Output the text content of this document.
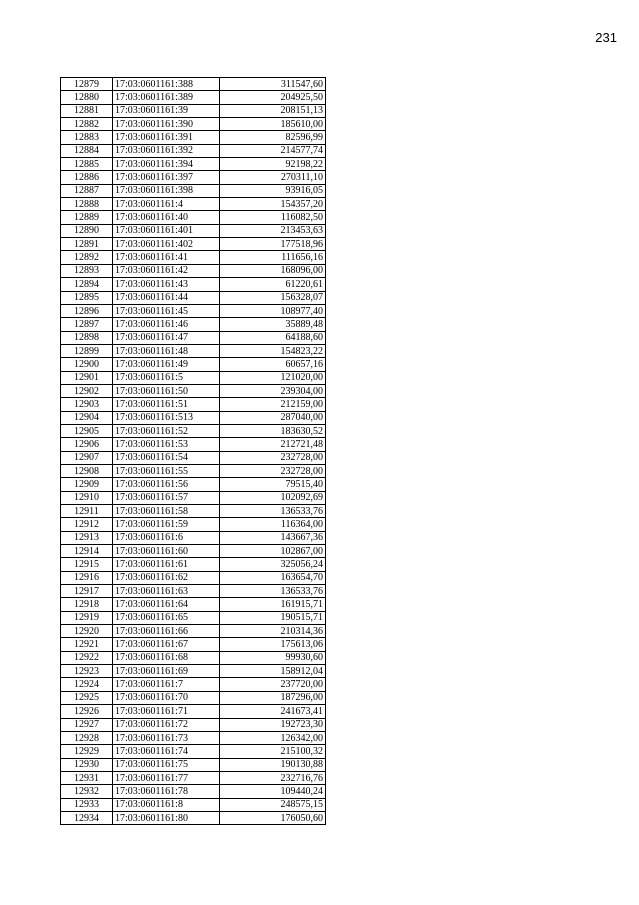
231
12879	17:03:0601161:388	311547,60
12880	17:03:0601161:389	204925,50
12881	17:03:0601161:39	208151,13
12882	17:03:0601161:390	185610,00
12883	17:03:0601161:391	82596,99
12884	17:03:0601161:392	214577,74
12885	17:03:0601161:394	92198,22
12886	17:03:0601161:397	270311,10
12887	17:03:0601161:398	93916,05
12888	17:03:0601161:4	154357,20
12889	17:03:0601161:40	116082,50
12890	17:03:0601161:401	213453,63
12891	17:03:0601161:402	177518,96
12892	17:03:0601161:41	111656,16
12893	17:03:0601161:42	168096,00
12894	17:03:0601161:43	61220,61
12895	17:03:0601161:44	156328,07
12896	17:03:0601161:45	108977,40
12897	17:03:0601161:46	35889,48
12898	17:03:0601161:47	64188,60
12899	17:03:0601161:48	154823,22
12900	17:03:0601161:49	60657,16
12901	17:03:0601161:5	121020,00
12902	17:03:0601161:50	239304,00
12903	17:03:0601161:51	212159,00
12904	17:03:0601161:513	287040,00
12905	17:03:0601161:52	183630,52
12906	17:03:0601161:53	212721,48
12907	17:03:0601161:54	232728,00
12908	17:03:0601161:55	232728,00
12909	17:03:0601161:56	79515,40
12910	17:03:0601161:57	102092,69
12911	17:03:0601161:58	136533,76
12912	17:03:0601161:59	116364,00
12913	17:03:0601161:6	143667,36
12914	17:03:0601161:60	102867,00
12915	17:03:0601161:61	325056,24
12916	17:03:0601161:62	163654,70
12917	17:03:0601161:63	136533,76
12918	17:03:0601161:64	161915,71
12919	17:03:0601161:65	190515,71
12920	17:03:0601161:66	210314,36
12921	17:03:0601161:67	175613,06
12922	17:03:0601161:68	99930,60
12923	17:03:0601161:69	158912,04
12924	17:03:0601161:7	237720,00
12925	17:03:0601161:70	187296,00
12926	17:03:0601161:71	241673,41
12927	17:03:0601161:72	192723,30
12928	17:03:0601161:73	126342,00
12929	17:03:0601161:74	215100,32
12930	17:03:0601161:75	190130,88
12931	17:03:0601161:77	232716,76
12932	17:03:0601161:78	109440,24
12933	17:03:0601161:8	248575,15
12934	17:03:0601161:80	176050,60
